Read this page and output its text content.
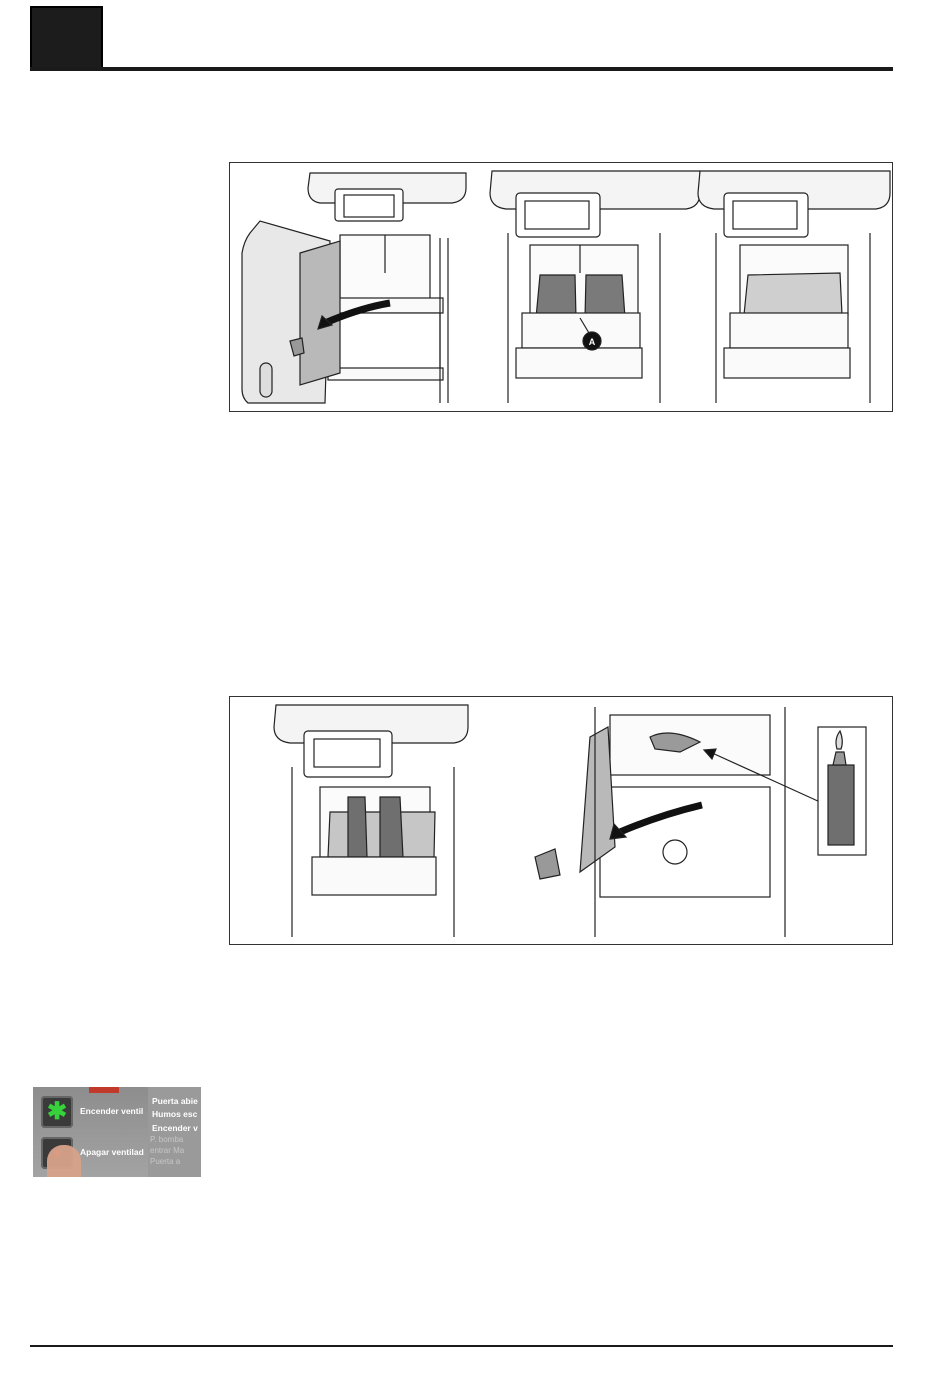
A
✱	Encender ventil
Apagar ventilad
Puerta abie
Humos esc
Encender v
P. bomba
entrar Ma
Puerta a
